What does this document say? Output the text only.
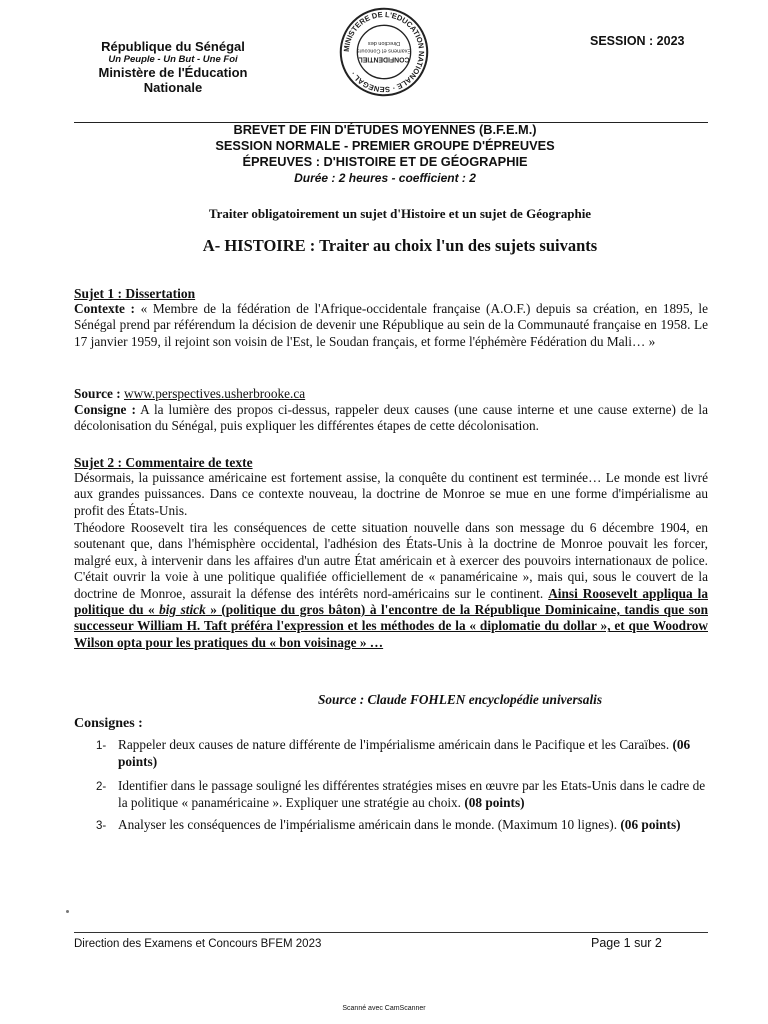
République du Sénégal
Un Peuple - Un But - Une Foi
Ministère de l'Éducation
Nationale
MINISTERE DE L'EDUCATION NATIONALE · SENEGAL ·
CONFIDENTIEL
Examens et Concours
Direction des	SESSION : 2023
BREVET DE FIN D'ÉTUDES MOYENNES (B.F.E.M.)
SESSION NORMALE - PREMIER GROUPE D'ÉPREUVES
ÉPREUVES : D'HISTOIRE ET DE GÉOGRAPHIE
Durée : 2 heures - coefficient : 2
Traiter obligatoirement un sujet d'Histoire et un sujet de Géographie
A- HISTOIRE : Traiter au choix l'un des sujets suivants
Sujet 1 : Dissertation
Contexte : « Membre de la fédération de l'Afrique-occidentale française (A.O.F.) depuis sa création, en 1895, le Sénégal prend par référendum la décision de devenir une République au sein de la Communauté française en 1958. Le 17 janvier 1959, il rejoint son voisin de l'Est, le Soudan français, et forme l'éphémère Fédération du Mali… »
Source : www.perspectives.usherbrooke.ca
Consigne : A la lumière des propos ci-dessus, rappeler deux causes (une cause interne et une cause externe) de la décolonisation du Sénégal, puis expliquer les différentes étapes de cette décolonisation.
Sujet 2 : Commentaire de texte
Désormais, la puissance américaine est fortement assise, la conquête du continent est terminée… Le monde est livré aux grandes puissances. Dans ce contexte nouveau, la doctrine de Monroe se mue en une forme d'impérialisme au profit des États-Unis.
Théodore Roosevelt tira les conséquences de cette situation nouvelle dans son message du 6 décembre 1904, en soutenant que, dans l'hémisphère occidental, l'adhésion des États-Unis à la doctrine de Monroe pouvait les forcer, malgré eux, à intervenir dans les affaires d'un autre État américain et à exercer des pouvoirs internationaux de police. C'était ouvrir la voie à une politique qualifiée officiellement de « panaméricaine », mais qui, sous le couvert de la doctrine de Monroe, assurait la défense des intérêts nord-américains sur le continent. Ainsi Roosevelt appliqua la politique du « big stick » (politique du gros bâton) à l'encontre de la République Dominicaine, tandis que son successeur William H. Taft préféra l'expression et les méthodes de la « diplomatie du dollar », et que Woodrow Wilson opta pour les pratiques du « bon voisinage » …
Source : Claude FOHLEN encyclopédie universalis
Consignes :
1- Rappeler deux causes de nature différente de l'impérialisme américain dans le Pacifique et les Caraïbes. (06 points)
2- Identifier dans le passage souligné les différentes stratégies mises en œuvre par les Etats-Unis dans le cadre de la politique « panaméricaine ». Expliquer une stratégie au choix. (08 points)
3- Analyser les conséquences de l'impérialisme américain dans le monde. (Maximum 10 lignes). (06 points)
Direction des Examens et Concours BFEM 2023	Page 1 sur 2
Scanné avec CamScanner
